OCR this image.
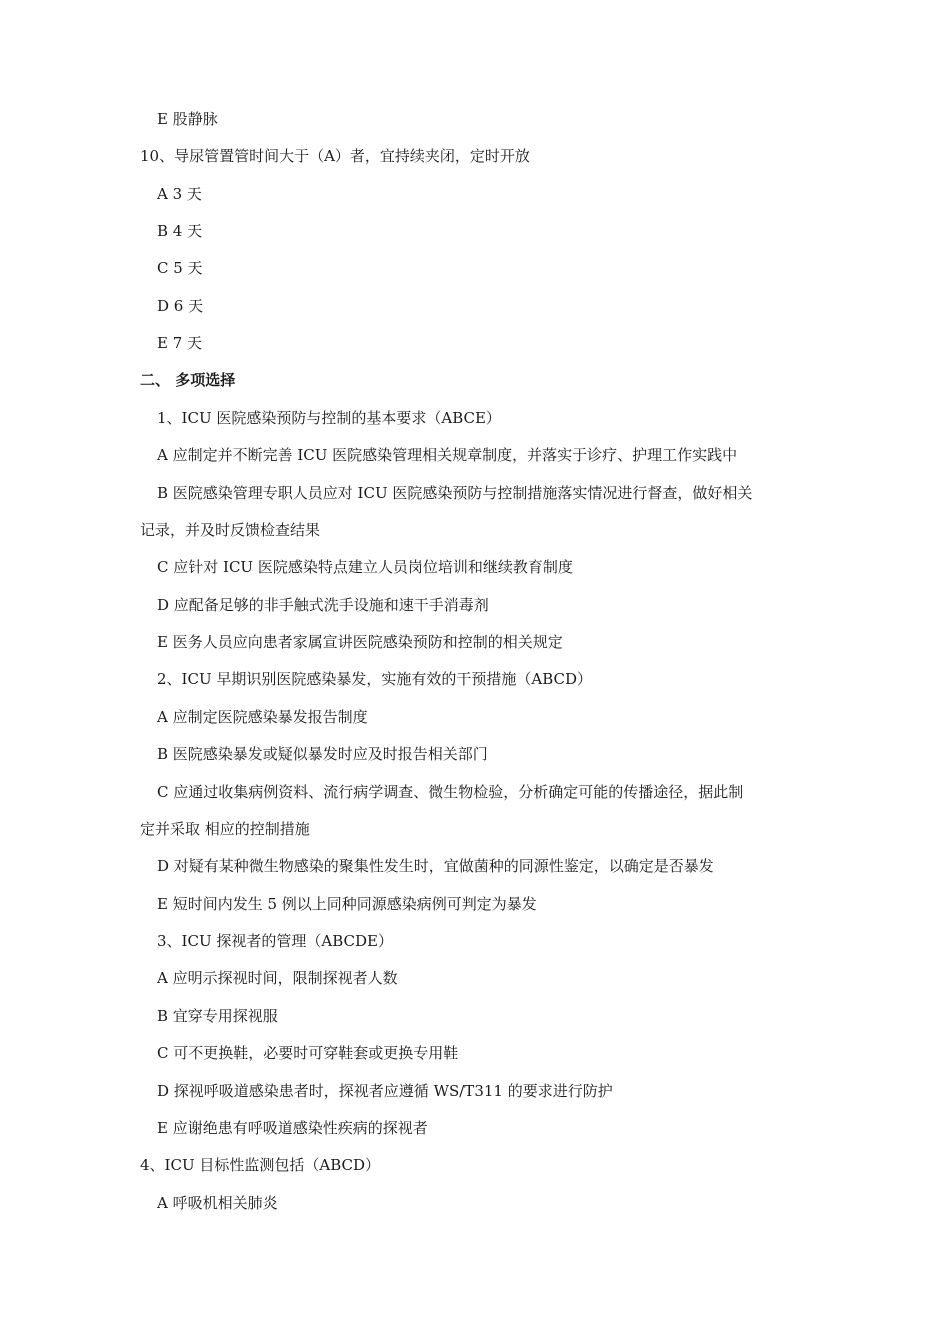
E 股静脉
10、导尿管置管时间大于（A）者，宜持续夹闭，定时开放
A 3 天
B 4 天
C 5 天
D 6 天
E 7 天
二、 多项选择
1、ICU 医院感染预防与控制的基本要求（ABCE）
A 应制定并不断完善 ICU 医院感染管理相关规章制度，并落实于诊疗、护理工作实践中
B 医院感染管理专职人员应对 ICU 医院感染预防与控制措施落实情况进行督查，做好相关
记录，并及时反馈检查结果
C 应针对 ICU 医院感染特点建立人员岗位培训和继续教育制度
D 应配备足够的非手触式洗手设施和速干手消毒剂
E 医务人员应向患者家属宣讲医院感染预防和控制的相关规定
2、ICU 早期识别医院感染暴发，实施有效的干预措施（ABCD）
A 应制定医院感染暴发报告制度
B 医院感染暴发或疑似暴发时应及时报告相关部门
C 应通过收集病例资料、流行病学调查、微生物检验，分析确定可能的传播途径，据此制
定并采取 相应的控制措施
D 对疑有某种微生物感染的聚集性发生时，宜做菌种的同源性鉴定，以确定是否暴发
E 短时间内发生 5 例以上同种同源感染病例可判定为暴发
3、ICU 探视者的管理（ABCDE）
A 应明示探视时间，限制探视者人数
B 宜穿专用探视服
C 可不更换鞋，必要时可穿鞋套或更换专用鞋
D 探视呼吸道感染患者时，探视者应遵循 WS/T311 的要求进行防护
E 应谢绝患有呼吸道感染性疾病的探视者
4、ICU 目标性监测包括（ABCD）
A 呼吸机相关肺炎
